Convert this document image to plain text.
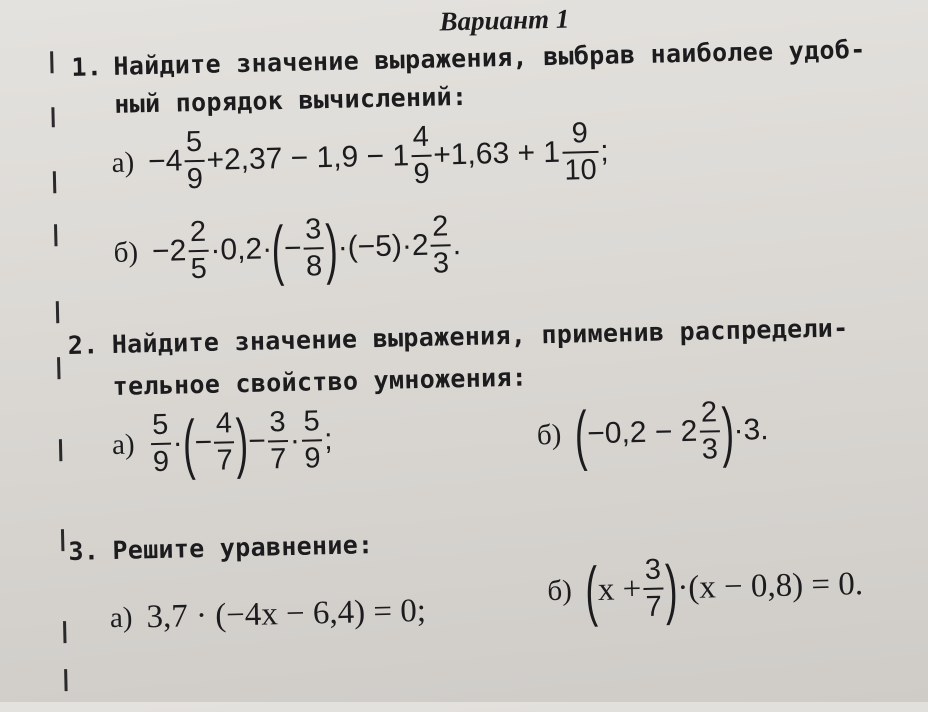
Вариант 1
1. Найдите значение выражения, выбрав наиболее удоб-
ный порядок вычислений:
$а) -4 \frac{5}{9} +2,37 - 1,9 - 1 \frac{4}{9} +1,63 + 1 \frac{9}{10}$ ;
$б) -2 \frac{2}{5} \cdot 0,2\cdot$
(
− $\frac{3}{8}$ )
$\cdot(-5)\cdot 2 \frac{2}{3}$ .
2. Найдите значение выражения, применив распредели-
тельное свойство умножения:
$а) \frac{5}{9}$ ·
(
− $\frac{4}{7}$ )
− $\frac{3}{7} \cdot \frac{5}{9}$ ;	б) (
$-0,2 - 2 \frac{2}{3}$ )
·3.
3. Решите уравнение:
а) 3,7 · (−4x − 6,4) = 0;
б) (
$x + \frac{3}{7}$ )
·(x − 0,8) = 0.
